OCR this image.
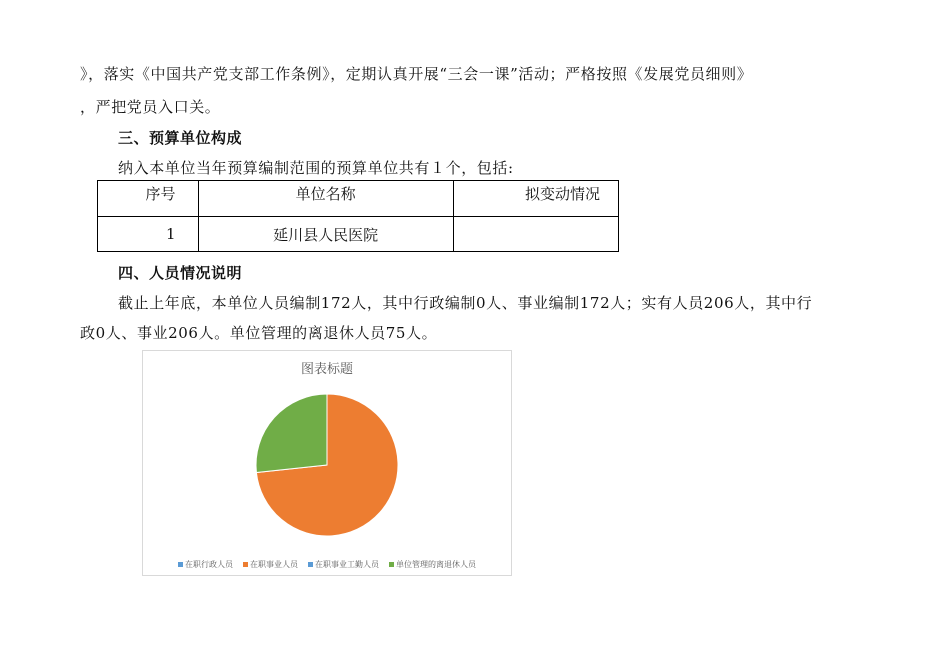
》，落实《中国共产党支部工作条例》，定期认真开展“三会一课”活动；严格按照《发展党员细则》
，严把党员入口关。
三、预算单位构成
纳入本单位当年预算编制范围的预算单位共有１个，包括:
序号	单位名称	拟变动情况
1	延川县人民医院	
四、人员情况说明
截止上年底，本单位人员编制172人，其中行政编制0人、事业编制172人；实有人员206人，其中行
政0人、事业206人。单位管理的离退休人员75人。
图表标题
在职行政人员 在职事业人员 在职事业工勤人员 单位管理的离退休人员
